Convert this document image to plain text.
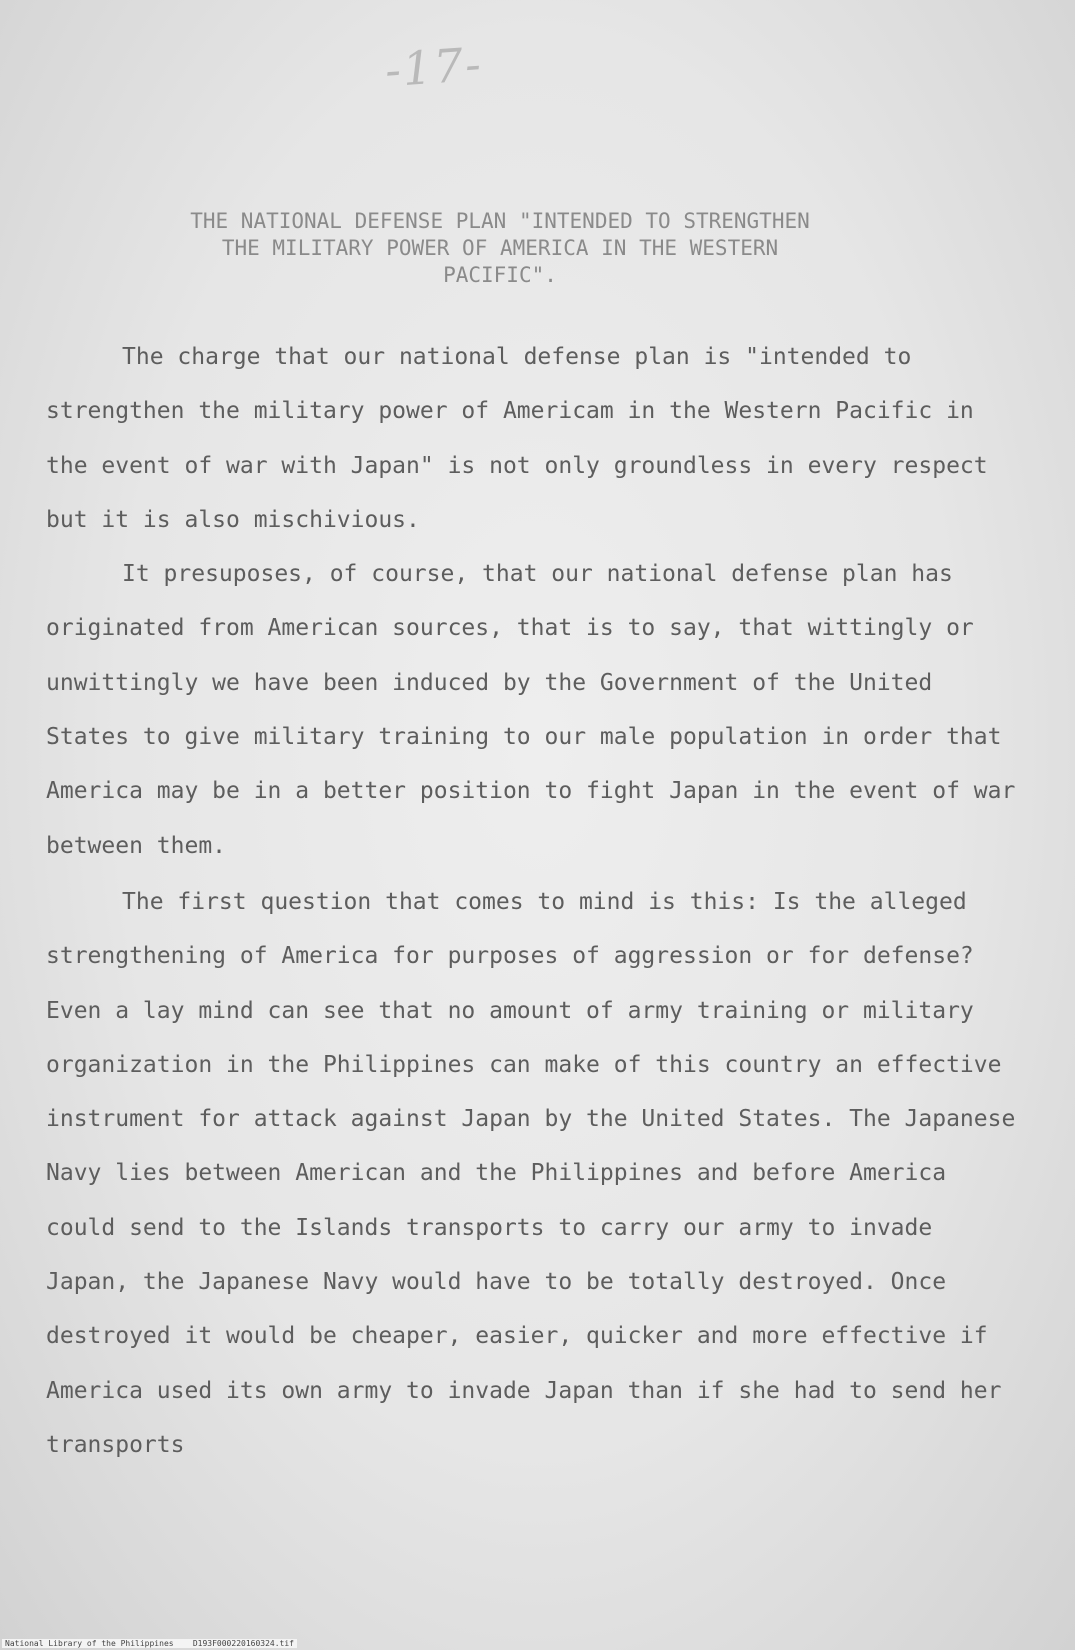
-17-
THE NATIONAL DEFENSE PLAN "INTENDED TO STRENGTHEN
THE MILITARY POWER OF AMERICA IN THE WESTERN
PACIFIC".

The charge that our national defense plan is "intended to strengthen the military power of Americam in the Western Pacific in the event of war with Japan" is not only groundless in every respect but it is also mischivious.

It presuposes, of course, that our national defense plan has originated from American sources, that is to say, that wittingly or unwittingly we have been induced by the Government of the United States to give military training to our male population in order that America may be in a better position to fight Japan in the event of war between them.

The first question that comes to mind is this: Is the alleged strengthening of America for purposes of aggression or for defense? Even a lay mind can see that no amount of army training or military organization in the Philippines can make of this country an effective instrument for attack against Japan by the United States. The Japanese Navy lies between American and the Philippines and before America could send to the Islands transports to carry our army to invade Japan, the Japanese Navy would have to be totally destroyed. Once destroyed it would be cheaper, easier, quicker and more effective if America used its own army to invade Japan than if she had to send her transports

National Library of the Philippines    D193F000220160324.tif
